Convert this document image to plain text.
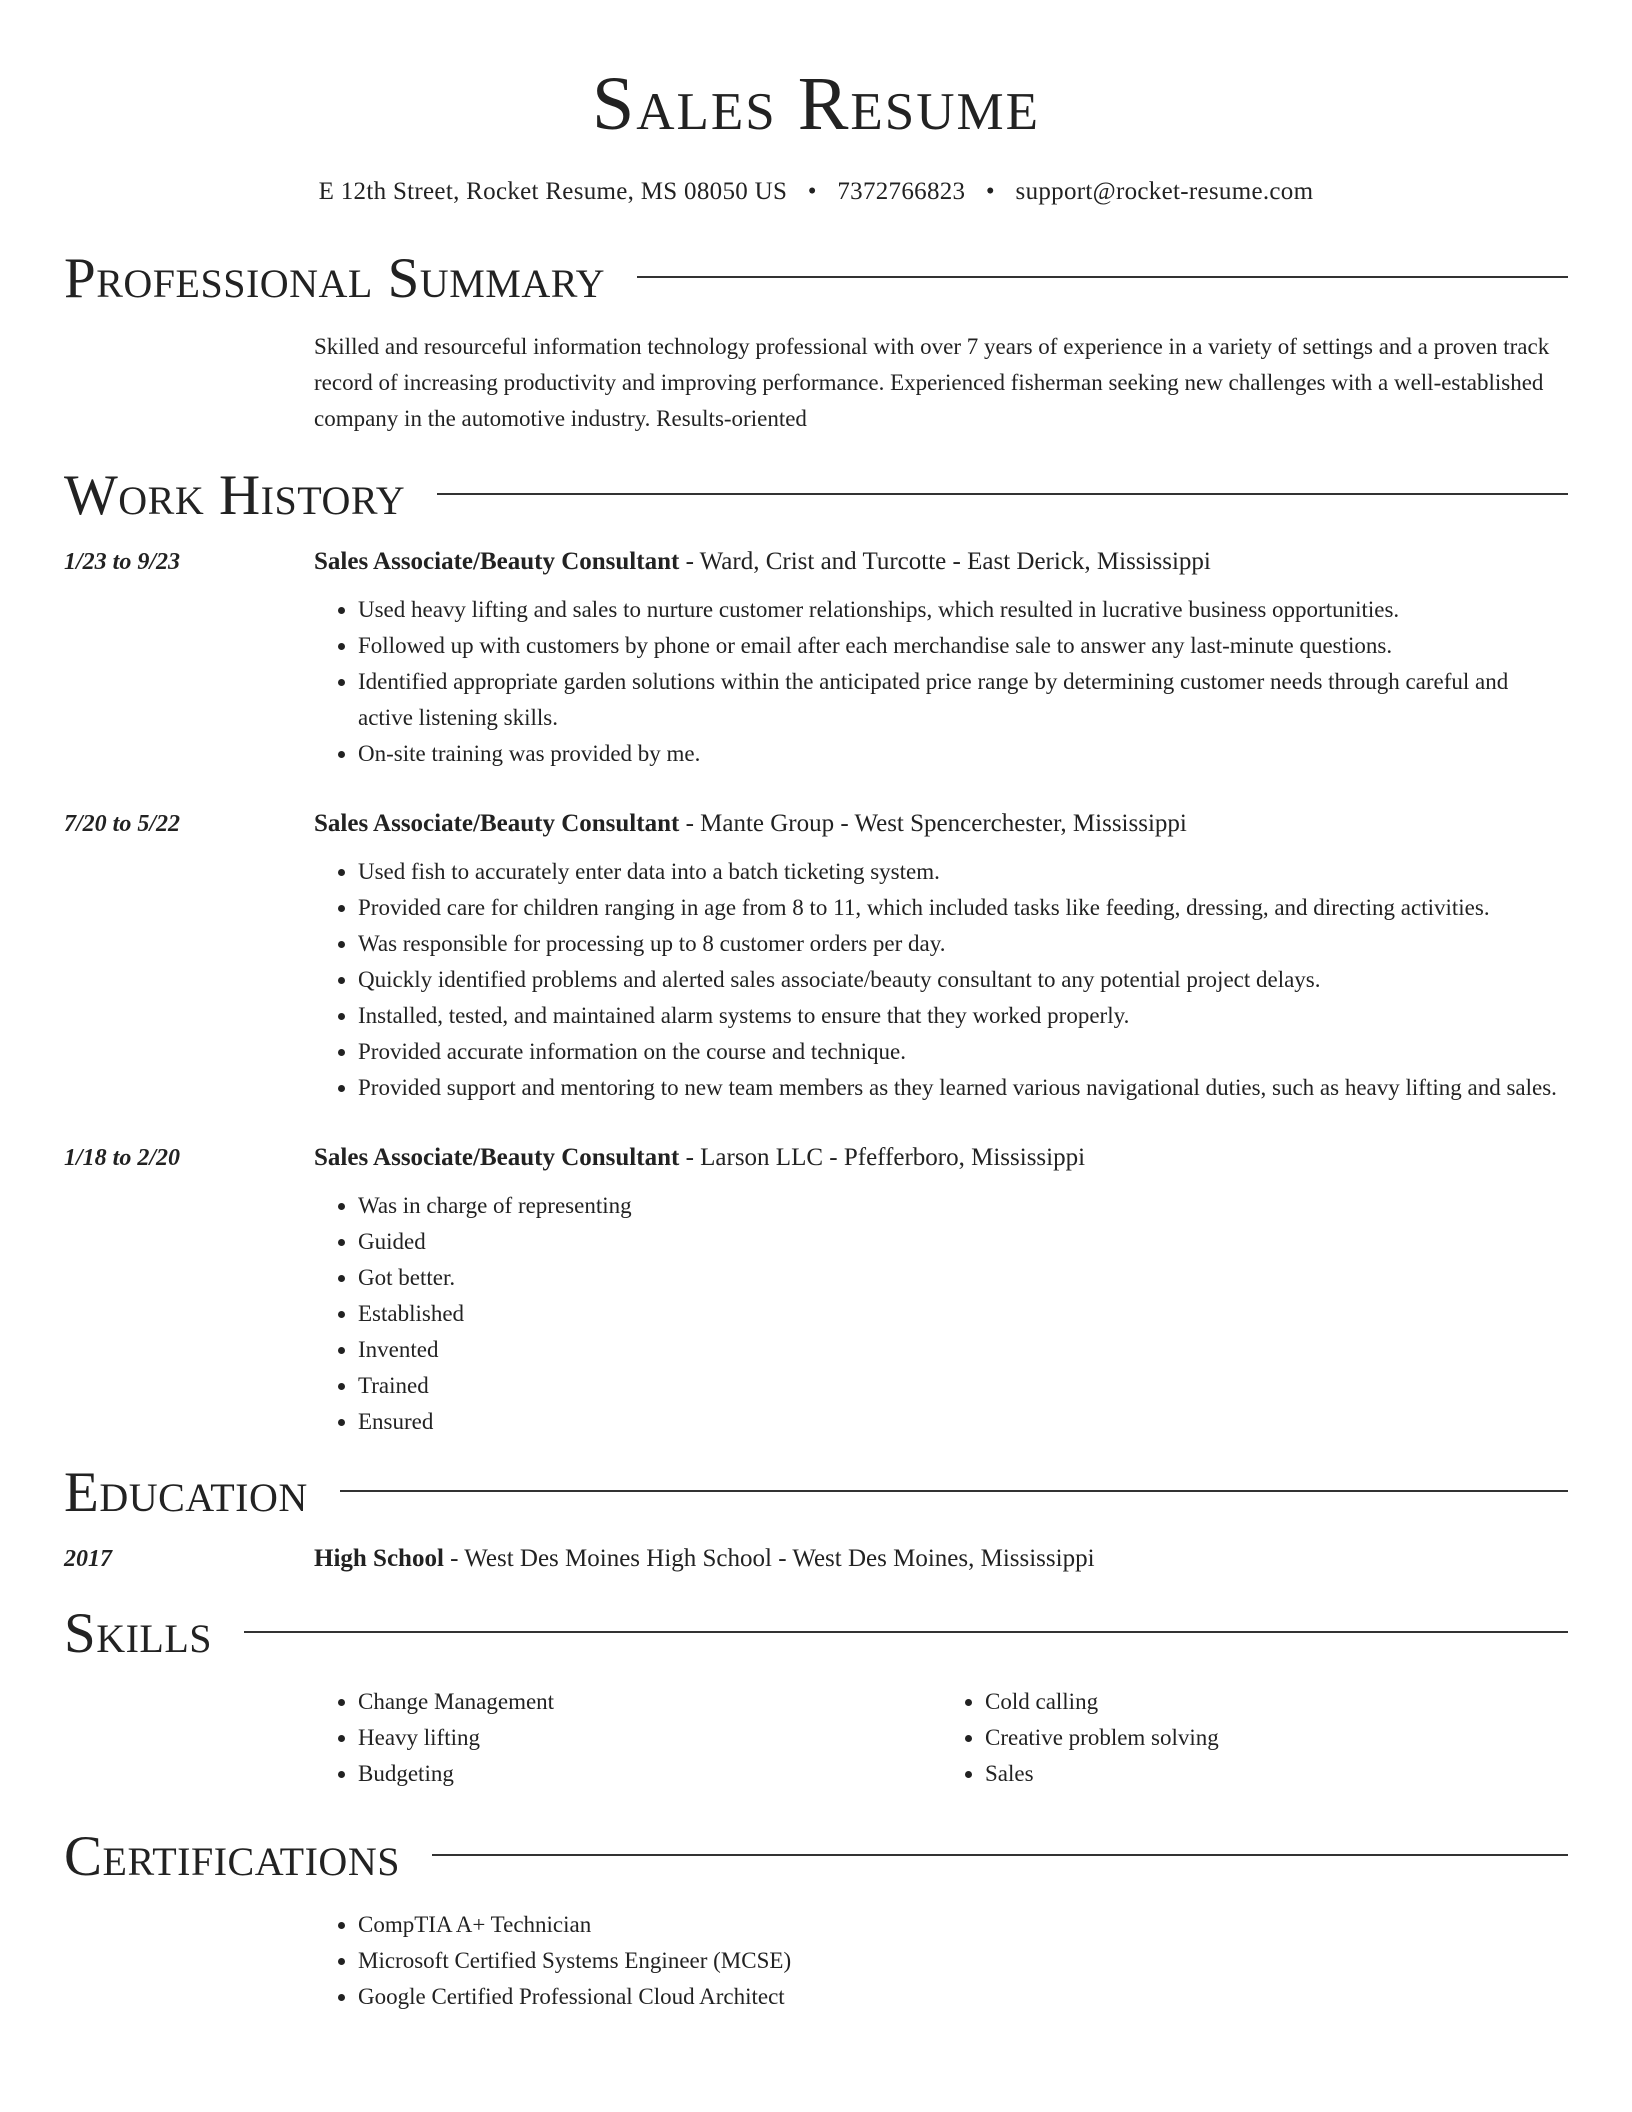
Sales Resume
E 12th Street, Rocket Resume, MS 08050 US • 7372766823 • support@rocket-resume.com
Professional Summary
Skilled and resourceful information technology professional with over 7 years of experience in a variety of settings and a proven track record of increasing productivity and improving performance. Experienced fisherman seeking new challenges with a well-established company in the automotive industry. Results-oriented
Work History
1/23 to 9/23	Sales Associate/Beauty Consultant - Ward, Crist and Turcotte - East Derick, Mississippi
• Used heavy lifting and sales to nurture customer relationships, which resulted in lucrative business opportunities.
• Followed up with customers by phone or email after each merchandise sale to answer any last-minute questions.
• Identified appropriate garden solutions within the anticipated price range by determining customer needs through careful and active listening skills.
• On-site training was provided by me.
7/20 to 5/22	Sales Associate/Beauty Consultant - Mante Group - West Spencerchester, Mississippi
• Used fish to accurately enter data into a batch ticketing system.
• Provided care for children ranging in age from 8 to 11, which included tasks like feeding, dressing, and directing activities.
• Was responsible for processing up to 8 customer orders per day.
• Quickly identified problems and alerted sales associate/beauty consultant to any potential project delays.
• Installed, tested, and maintained alarm systems to ensure that they worked properly.
• Provided accurate information on the course and technique.
• Provided support and mentoring to new team members as they learned various navigational duties, such as heavy lifting and sales.
1/18 to 2/20	Sales Associate/Beauty Consultant - Larson LLC - Pfefferboro, Mississippi
• Was in charge of representing
• Guided
• Got better.
• Established
• Invented
• Trained
• Ensured
Education
2017	High School - West Des Moines High School - West Des Moines, Mississippi
Skills
• Change Management
• Heavy lifting
• Budgeting
• Cold calling
• Creative problem solving
• Sales
Certifications
• CompTIA A+ Technician
• Microsoft Certified Systems Engineer (MCSE)
• Google Certified Professional Cloud Architect
